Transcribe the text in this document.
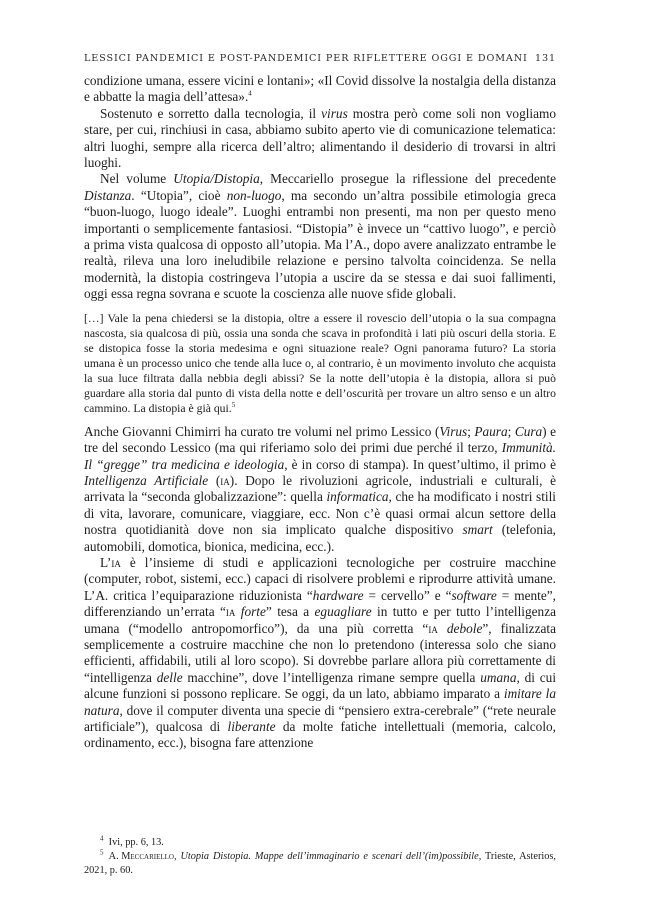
LESSICI PANDEMICI E POST-PANDEMICI PER RIFLETTERE OGGI E DOMANI 131

condizione umana, essere vicini e lontani»; «Il Covid dissolve la nostalgia della distanza e abbatte la magia dell’attesa».$^4$

Sostenuto e sorretto dalla tecnologia, il virus mostra però come soli non vogliamo stare, per cui, rinchiusi in casa, abbiamo subito aperto vie di comunicazione telematica: altri luoghi, sempre alla ricerca dell’altro; alimentando il desiderio di trovarsi in altri luoghi.

Nel volume Utopia/Distopia, Meccariello prosegue la riflessione del precedente Distanza. “Utopia”, cioè non-luogo, ma secondo un’altra possibile etimologia greca “buon-luogo, luogo ideale”. Luoghi entrambi non presenti, ma non per questo meno importanti o semplicemente fantasiosi. “Distopia” è invece un “cattivo luogo”, e perciò a prima vista qualcosa di opposto all’utopia. Ma l’A., dopo avere analizzato entrambe le realtà, rileva una loro ineludibile relazione e persino talvolta coincidenza. Se nella modernità, la distopia costringeva l’utopia a uscire da se stessa e dai suoi fallimenti, oggi essa regna sovrana e scuote la coscienza alle nuove sfide globali.

[…] Vale la pena chiedersi se la distopia, oltre a essere il rovescio dell’utopia o la sua compagna nascosta, sia qualcosa di più, ossia una sonda che scava in profondità i lati più oscuri della storia. E se distopica fosse la storia medesima e ogni situazione reale? Ogni panorama futuro? La storia umana è un processo unico che tende alla luce o, al contrario, è un movimento involuto che acquista la sua luce filtrata dalla nebbia degli abissi? Se la notte dell’utopia è la distopia, allora si può guardare alla storia dal punto di vista della notte e dell’oscurità per trovare un altro senso e un altro cammino. La distopia è già qui.$^5$

Anche Giovanni Chimirri ha curato tre volumi nel primo Lessico (Virus; Paura; Cura) e tre del secondo Lessico (ma qui riferiamo solo dei primi due perché il terzo, Immunità. Il “gregge” tra medicina e ideologia, è in corso di stampa). In quest’ultimo, il primo è Intelligenza Artificiale (ia). Dopo le rivoluzioni agricole, industriali e culturali, è arrivata la “seconda globalizzazione”: quella informatica, che ha modificato i nostri stili di vita, lavorare, comunicare, viaggiare, ecc. Non c’è quasi ormai alcun settore della nostra quotidianità dove non sia implicato qualche dispositivo smart (telefonia, automobili, domotica, bionica, medicina, ecc.).

L’ia è l’insieme di studi e applicazioni tecnologiche per costruire macchine (computer, robot, sistemi, ecc.) capaci di risolvere problemi e riprodurre attività umane. L’A. critica l’equiparazione riduzionista “hardware = cervello” e “software = mente”, differenziando un’errata “ia forte” tesa a eguagliare in tutto e per tutto l’intelligenza umana (“modello antropomorfico”), da una più corretta “ia debole”, finalizzata semplicemente a costruire macchine che non lo pretendono (interessa solo che siano efficienti, affidabili, utili al loro scopo). Si dovrebbe parlare allora più correttamente di “intelligenza delle macchine”, dove l’intelligenza rimane sempre quella umana, di cui alcune funzioni si possono replicare. Se oggi, da un lato, abbiamo imparato a imitare la natura, dove il computer diventa una specie di “pensiero extra-cerebrale” (“rete neurale artificiale”), qualcosa di liberante da molte fatiche intellettuali (memoria, calcolo, ordinamento, ecc.), bisogna fare attenzione

$^4$ Ivi, pp. 6, 13.

$^5$ A. Meccariello, Utopia Distopia. Mappe dell’immaginario e scenari dell’(im)possibile, Trieste, Asterios, 2021, p. 60.
